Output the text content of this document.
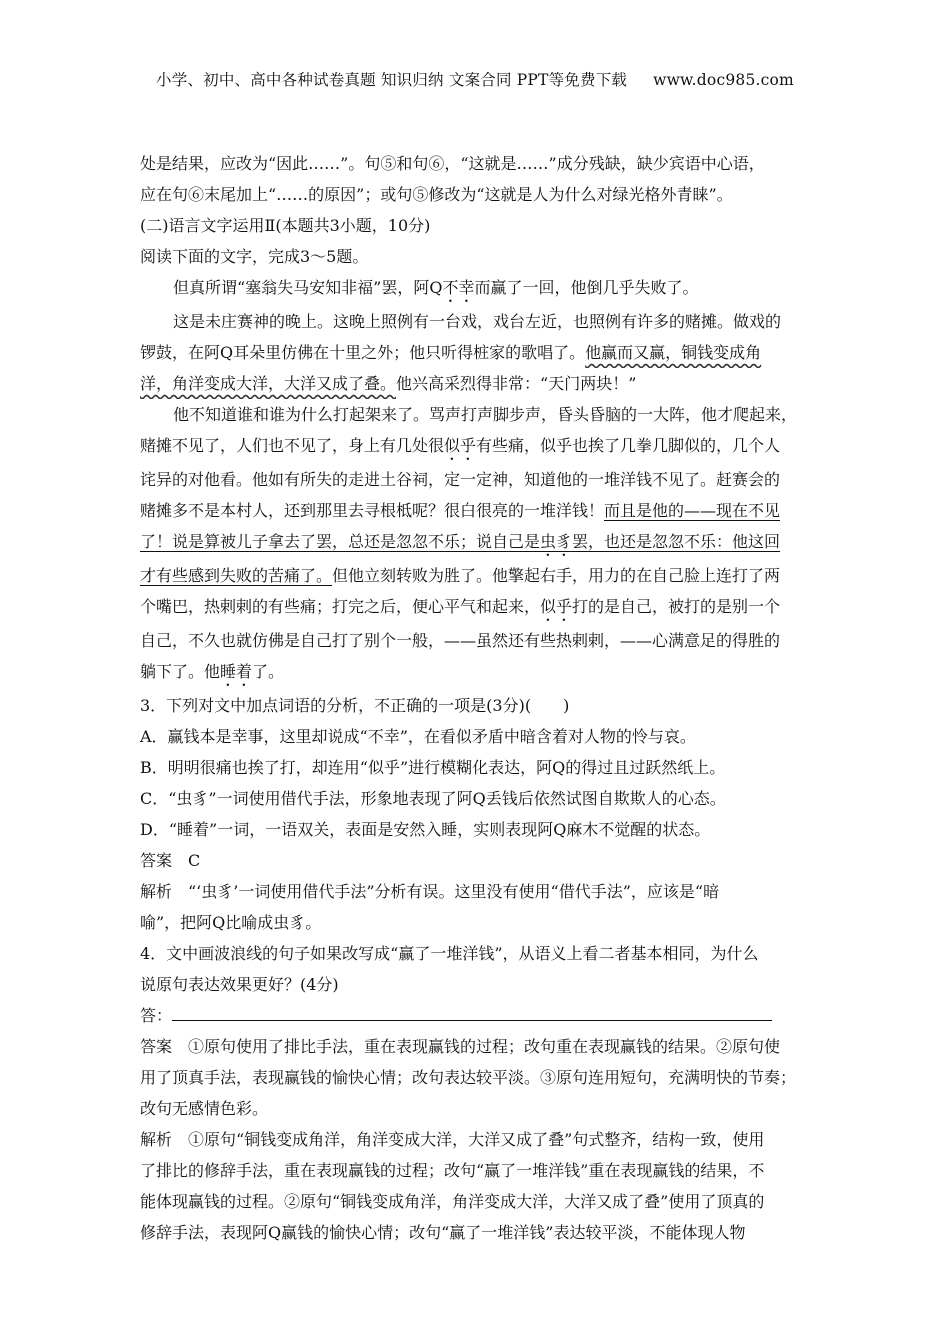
小学、初中、高中各种试卷真题 知识归纳 文案合同 PPT等免费下载 www.doc985.com
处是结果，应改为“因此……”。句⑤和句⑥，“这就是……”成分残缺，缺少宾语中心语，
应在句⑥末尾加上“……的原因”；或句⑤修改为“这就是人为什么对绿光格外青睐”。
(二)语言文字运用Ⅱ(本题共3小题，10分)
阅读下面的文字，完成3～5题。
但真所谓“塞翁失马安知非福”罢，阿Q不幸而赢了一回，他倒几乎失败了。
这是未庄赛神的晚上。这晚上照例有一台戏，戏台左近，也照例有许多的赌摊。做戏的
锣鼓，在阿Q耳朵里仿佛在十里之外；他只听得桩家的歌唱了。他赢而又赢，铜钱变成角
洋，角洋变成大洋，大洋又成了叠。他兴高采烈得非常：“天门两块！”
他不知道谁和谁为什么打起架来了。骂声打声脚步声，昏头昏脑的一大阵，他才爬起来，
赌摊不见了，人们也不见了，身上有几处很似乎有些痛，似乎也挨了几拳几脚似的，几个人
诧异的对他看。他如有所失的走进土谷祠，定一定神，知道他的一堆洋钱不见了。赶赛会的
赌摊多不是本村人，还到那里去寻根柢呢？很白很亮的一堆洋钱！而且是他的——现在不见
了！说是算被儿子拿去了罢，总还是忽忽不乐；说自己是虫豸罢，也还是忽忽不乐：他这回
才有些感到失败的苦痛了。但他立刻转败为胜了。他擎起右手，用力的在自己脸上连打了两
个嘴巴，热剌剌的有些痛；打完之后，便心平气和起来，似乎打的是自己，被打的是别一个
自己，不久也就仿佛是自己打了别个一般，——虽然还有些热剌剌，——心满意足的得胜的
躺下了。他睡着了。
3．下列对文中加点词语的分析，不正确的一项是(3分)(　　)
A．赢钱本是幸事，这里却说成“不幸”，在看似矛盾中暗含着对人物的怜与哀。
B．明明很痛也挨了打，却连用“似乎”进行模糊化表达，阿Q的得过且过跃然纸上。
C．“虫豸”一词使用借代手法，形象地表现了阿Q丢钱后依然试图自欺欺人的心态。
D．“睡着”一词，一语双关，表面是安然入睡，实则表现阿Q麻木不觉醒的状态。
答案　C
解析　“‘虫豸’一词使用借代手法”分析有误。这里没有使用“借代手法”，应该是“暗
喻”，把阿Q比喻成虫豸。
4．文中画波浪线的句子如果改写成“赢了一堆洋钱”，从语义上看二者基本相同，为什么
说原句表达效果更好？(4分)
答：
答案　①原句使用了排比手法，重在表现赢钱的过程；改句重在表现赢钱的结果。②原句使
用了顶真手法，表现赢钱的愉快心情；改句表达较平淡。③原句连用短句，充满明快的节奏；
改句无感情色彩。
解析　①原句“铜钱变成角洋，角洋变成大洋，大洋又成了叠”句式整齐，结构一致，使用
了排比的修辞手法，重在表现赢钱的过程；改句“赢了一堆洋钱”重在表现赢钱的结果，不
能体现赢钱的过程。②原句“铜钱变成角洋，角洋变成大洋，大洋又成了叠”使用了顶真的
修辞手法，表现阿Q赢钱的愉快心情；改句“赢了一堆洋钱”表达较平淡，不能体现人物
